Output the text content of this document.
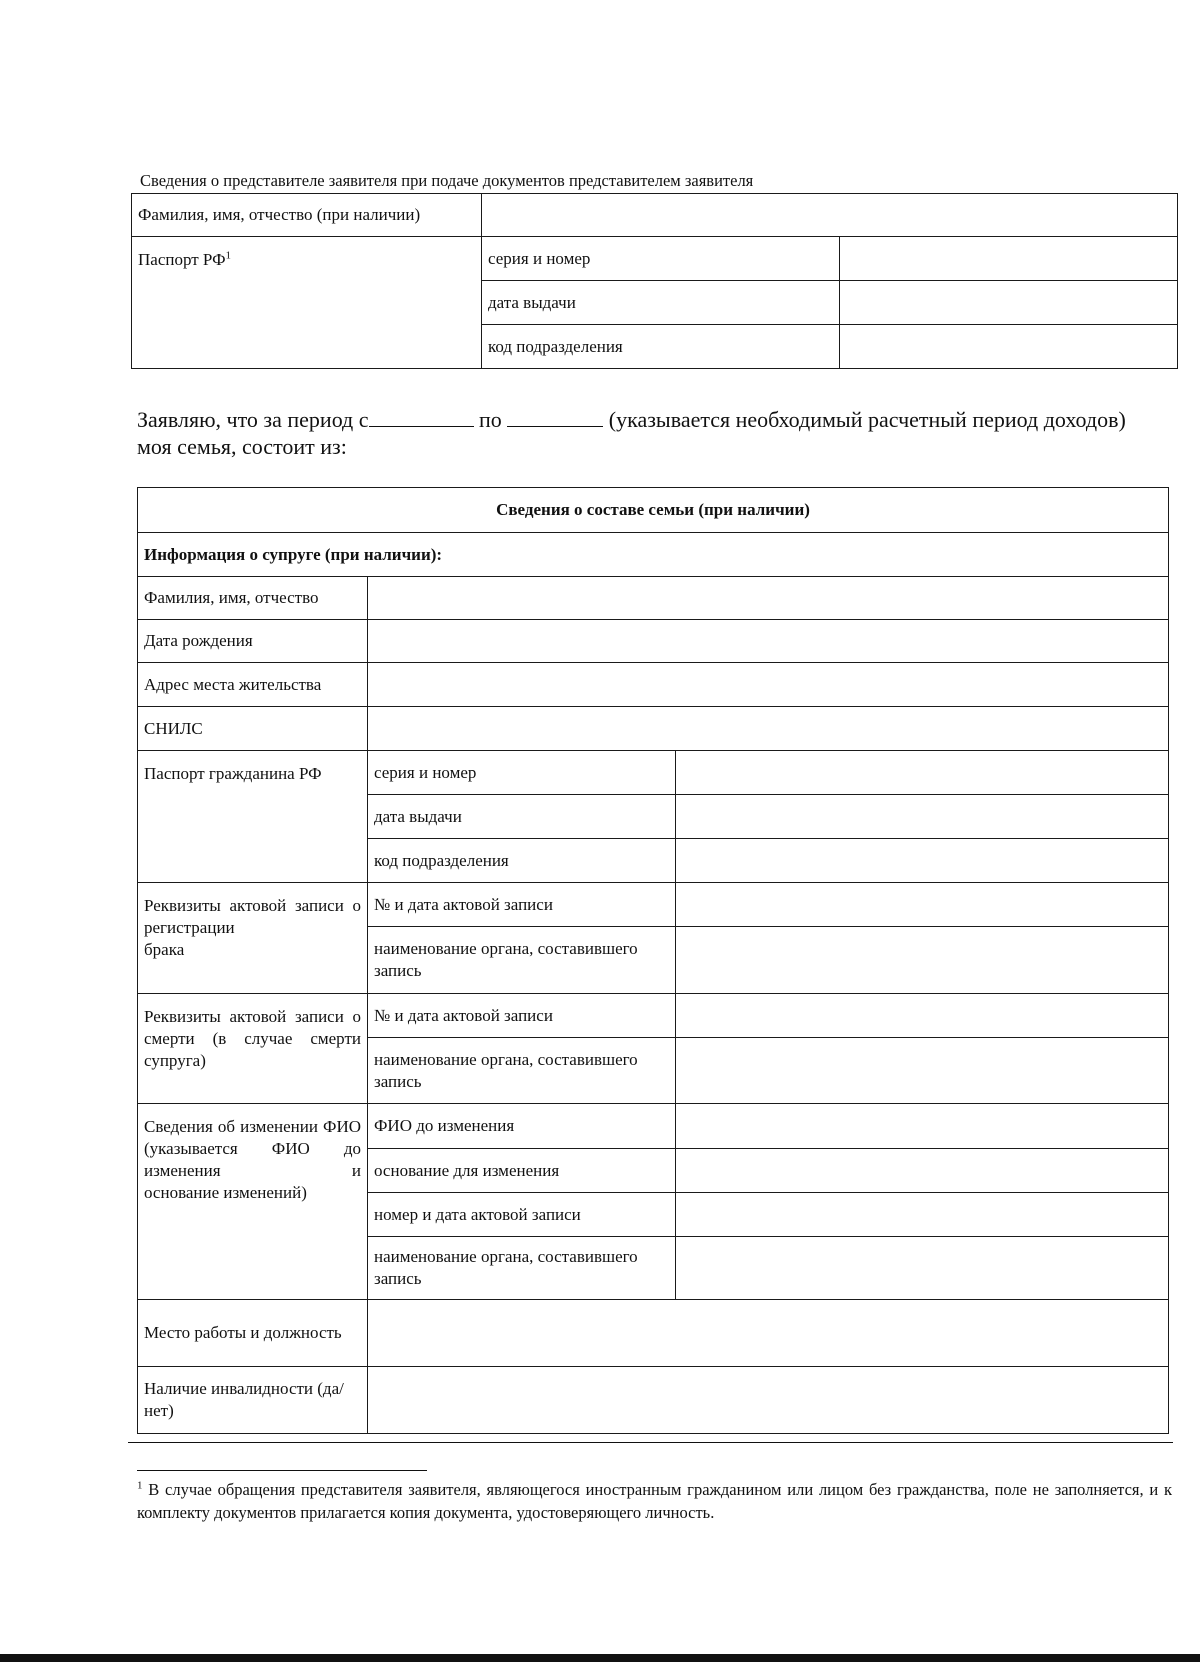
Сведения о представителе заявителя при подаче документов представителем заявителя
Фамилия, имя, отчество (при наличии)		
Паспорт $РФ^1$	серия и номер	
	дата выдачи	
	код подразделения	
Заявляю, что за период с	по	(указывается необходимый расчетный период доходов) моя семья, состоит из:
Сведения о составе семьи (при наличии)		
Информация о супруге (при наличии):		
Фамилия, имя, отчество		
Дата рождения		
Адрес места жительства		
СНИЛС		
Паспорт гражданина РФ	серия и номер	
	дата выдачи	
	код подразделения	
Реквизиты актовой записи о регистрации
брака	№ и дата актовой записи	
	наименование органа, составившего запись	
Реквизиты актовой записи о смерти (в случае смерти
супруга)	№ и дата актовой записи	
	наименование органа, составившего запись	
Сведения об изменении ФИО (указывается ФИО до изменения и
основание изменений)	ФИО до изменения	
	основание для изменения	
	номер и дата актовой записи	
	наименование органа, составившего запись	
Место работы и должность		
Наличие инвалидности (да/нет)		
$^1$ В случае обращения представителя заявителя, являющегося иностранным гражданином или лицом без гражданства, поле не заполняется, и к комплекту документов прилагается копия документа, удостоверяющего личность.
